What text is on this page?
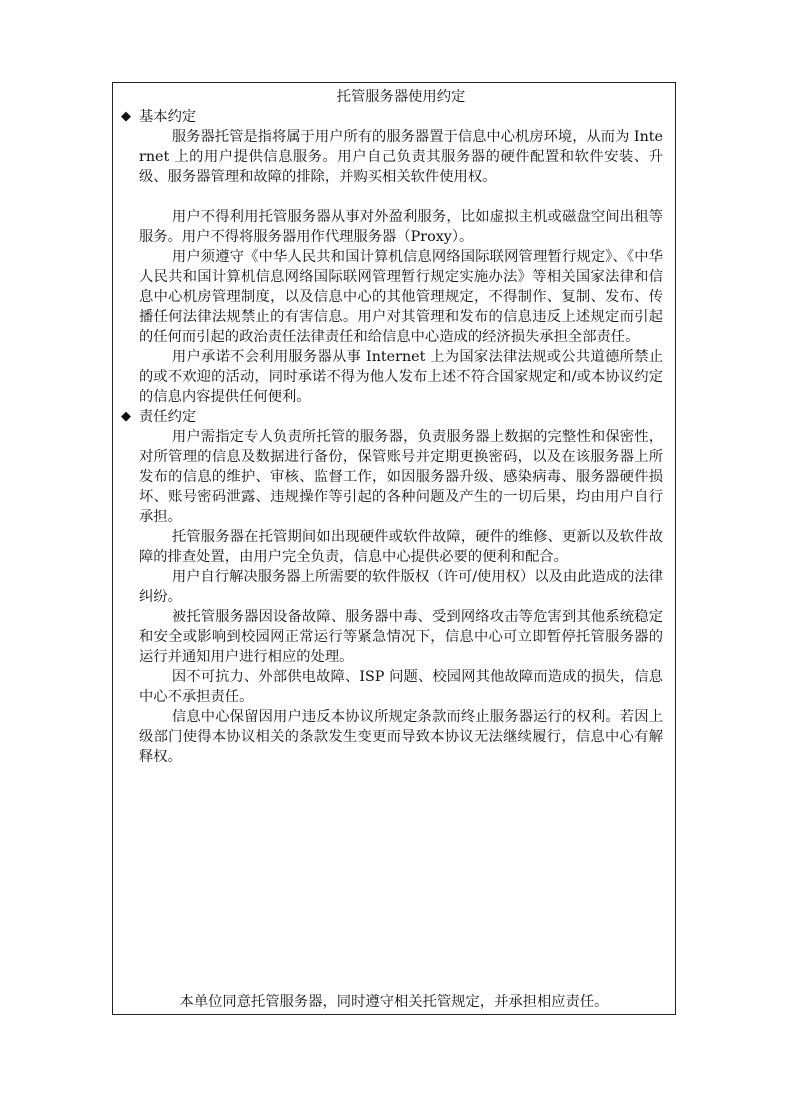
托管服务器使用约定

◆ 基本约定

服务器托管是指将属于用户所有的服务器置于信息中心机房环境，从而为 Internet 上的用户提供信息服务。用户自己负责其服务器的硬件配置和软件安装、升级、服务器管理和故障的排除，并购买相关软件使用权。

用户不得利用托管服务器从事对外盈利服务，比如虚拟主机或磁盘空间出租等服务。用户不得将服务器用作代理服务器（Proxy）。

用户须遵守《中华人民共和国计算机信息网络国际联网管理暂行规定》、《中华人民共和国计算机信息网络国际联网管理暂行规定实施办法》等相关国家法律和信息中心机房管理制度，以及信息中心的其他管理规定，不得制作、复制、发布、传播任何法律法规禁止的有害信息。用户对其管理和发布的信息违反上述规定而引起的任何而引起的政治责任法律责任和给信息中心造成的经济损失承担全部责任。

用户承诺不会利用服务器从事 Internet 上为国家法律法规或公共道德所禁止的或不欢迎的活动，同时承诺不得为他人发布上述不符合国家规定和/或本协议约定的信息内容提供任何便利。

◆ 责任约定

用户需指定专人负责所托管的服务器，负责服务器上数据的完整性和保密性，对所管理的信息及数据进行备份，保管账号并定期更换密码，以及在该服务器上所发布的信息的维护、审核、监督工作，如因服务器升级、感染病毒、服务器硬件损坏、账号密码泄露、违规操作等引起的各种问题及产生的一切后果，均由用户自行承担。

托管服务器在托管期间如出现硬件或软件故障，硬件的维修、更新以及软件故障的排查处置，由用户完全负责，信息中心提供必要的便利和配合。

用户自行解决服务器上所需要的软件版权（许可/使用权）以及由此造成的法律纠纷。

被托管服务器因设备故障、服务器中毒、受到网络攻击等危害到其他系统稳定和安全或影响到校园网正常运行等紧急情况下，信息中心可立即暂停托管服务器的运行并通知用户进行相应的处理。

因不可抗力、外部供电故障、ISP 问题、校园网其他故障而造成的损失，信息中心不承担责任。

信息中心保留因用户违反本协议所规定条款而终止服务器运行的权利。若因上级部门使得本协议相关的条款发生变更而导致本协议无法继续履行，信息中心有解释权。

本单位同意托管服务器，同时遵守相关托管规定，并承担相应责任。
